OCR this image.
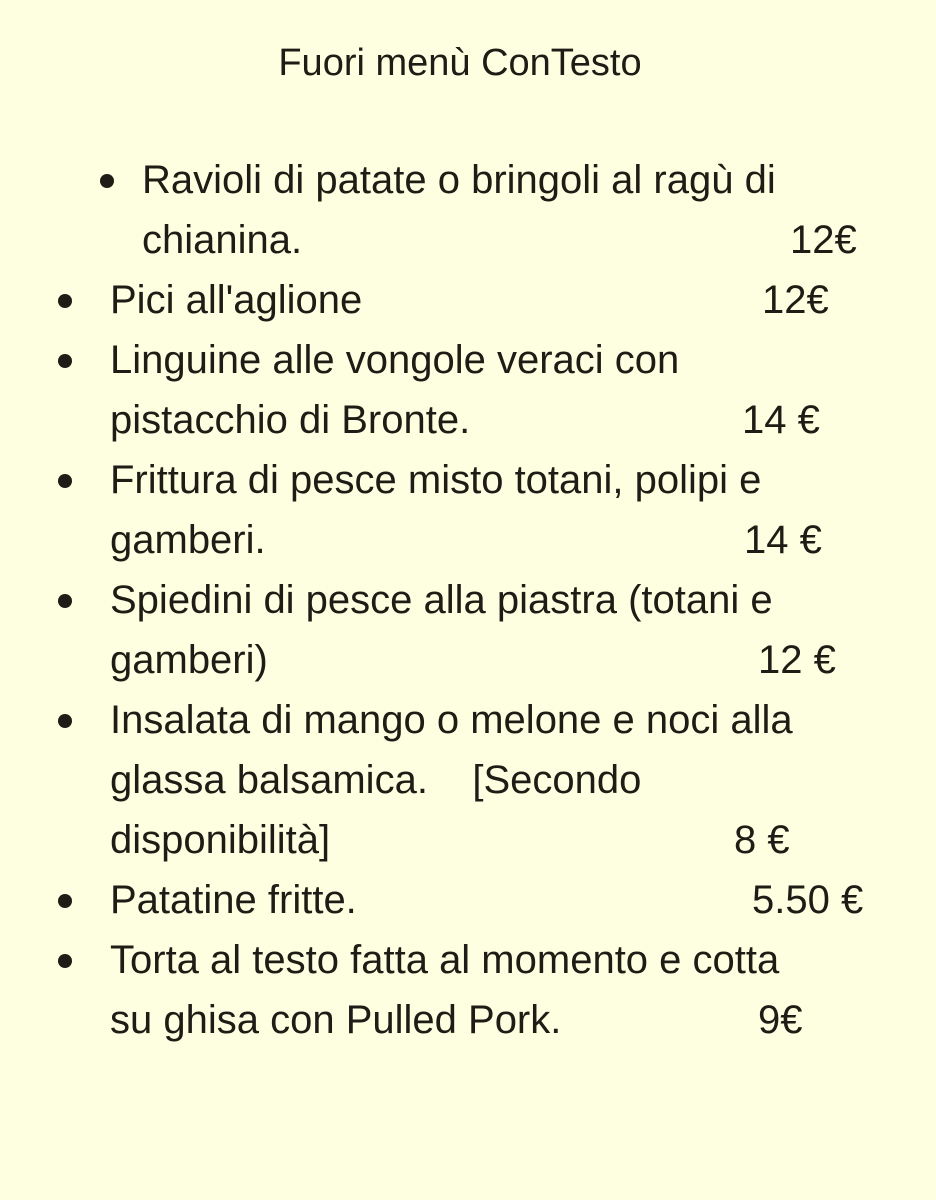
Fuori menù ConTesto
Ravioli di patate o bringoli al ragù di
chianina.	12€
Pici all'aglione	12€
Linguine alle vongole veraci con
pistacchio di Bronte.	14 €
Frittura di pesce misto totani, polipi e
gamberi.	14 €
Spiedini di pesce alla piastra (totani e
gamberi)	12 €
Insalata di mango o melone e noci alla
glassa balsamica.    [Secondo
disponibilità]	8 €
Patatine fritte.	5.50 €
Torta al testo fatta al momento e cotta
su ghisa con Pulled Pork.	9€
